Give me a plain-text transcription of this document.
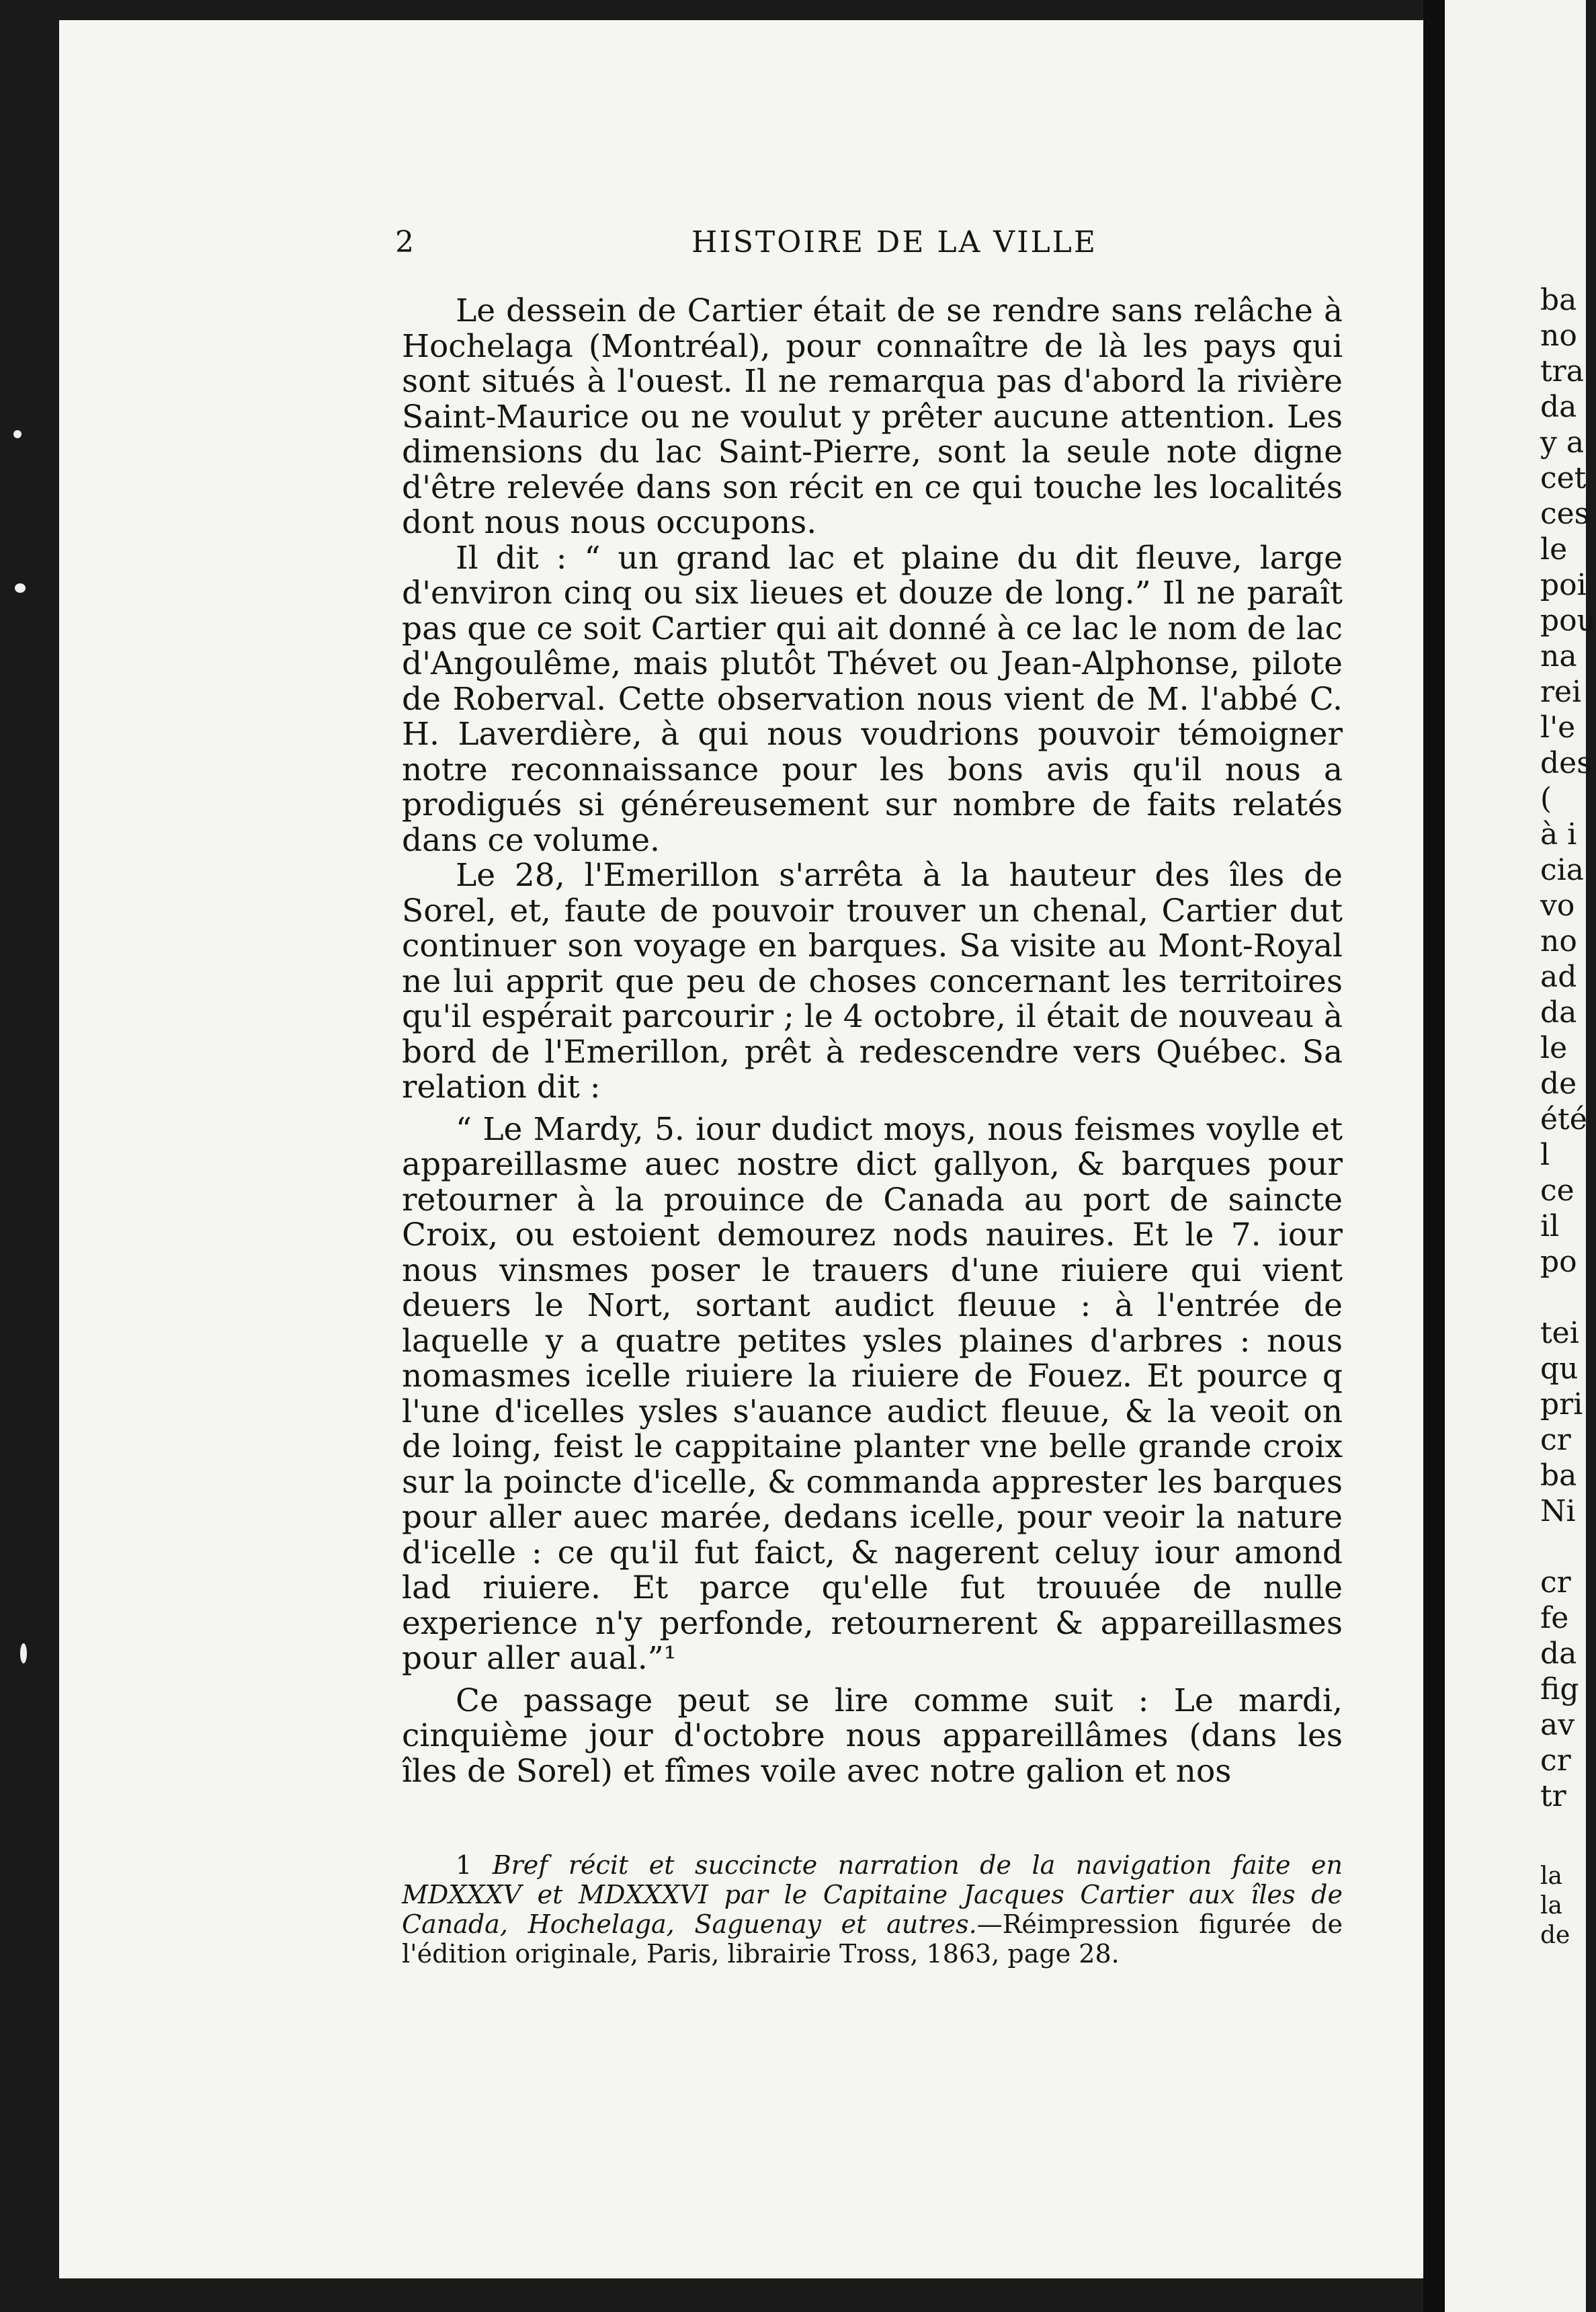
2	HISTOIRE DE LA VILLE

Le dessein de Cartier était de se rendre sans relâche à Hochelaga (Montréal), pour connaître de là les pays qui sont situés à l'ouest. Il ne remarqua pas d'abord la rivière Saint-Maurice ou ne voulut y prêter aucune attention. Les dimensions du lac Saint-Pierre, sont la seule note digne d'être relevée dans son récit en ce qui touche les localités dont nous nous occupons.

Il dit : “ un grand lac et plaine du dit fleuve, large d'environ cinq ou six lieues et douze de long.” Il ne paraît pas que ce soit Cartier qui ait donné à ce lac le nom de lac d'Angoulême, mais plutôt Thévet ou Jean-Alphonse, pilote de Roberval. Cette observation nous vient de M. l'abbé C. H. Laverdière, à qui nous voudrions pouvoir témoigner notre reconnaissance pour les bons avis qu'il nous a prodigués si généreusement sur nombre de faits relatés dans ce volume.

Le 28, l'Emerillon s'arrêta à la hauteur des îles de Sorel, et, faute de pouvoir trouver un chenal, Cartier dut continuer son voyage en barques. Sa visite au Mont-Royal ne lui apprit que peu de choses concernant les territoires qu'il espérait parcourir ; le 4 octobre, il était de nouveau à bord de l'Emerillon, prêt à redescendre vers Québec. Sa relation dit :

“ Le Mardy, 5. iour dudict moys, nous feismes voylle et appareillasme auec nostre dict gallyon, & barques pour retourner à la prouince de Canada au port de saincte Croix, ou estoient demourez nods nauires. Et le 7. iour nous vinsmes poser le trauers d'une riuiere qui vient deuers le Nort, sortant audict fleuue : à l'entrée de laquelle y a quatre petites ysles plaines d'arbres : nous nomasmes icelle riuiere la riuiere de Fouez. Et pource q l'une d'icelles ysles s'auance audict fleuue, & la veoit on de loing, feist le cappitaine planter vne belle grande croix sur la poincte d'icelle, & commanda apprester les barques pour aller auec marée, dedans icelle, pour veoir la nature d'icelle : ce qu'il fut faict, & nagerent celuy iour amond lad riuiere. Et parce qu'elle fut trouuée de nulle experience n'y perfonde, retournerent & appareillasmes pour aller aual.”¹

Ce passage peut se lire comme suit : Le mardi, cinquième jour d'octobre nous appareillâmes (dans les îles de Sorel) et fîmes voile avec notre galion et nos

1 Bref récit et succincte narration de la navigation faite en MDXXXV et MDXXXVI par le Capitaine Jacques Cartier aux îles de Canada, Hochelaga, Saguenay et autres.—Réimpression figurée de l'édition originale, Paris, librairie Tross, 1863, page 28.

ba
no
tra
da
y a
cet
ces
le
poi
pou
na
rei
l'e
des
(
à i
cia
vo
no
ad
da
le
de
été
l
ce
il
po

tei
qu
pri
cr
ba
Ni

cr
fe
da
fig
av
cr
tr
la
la
de
